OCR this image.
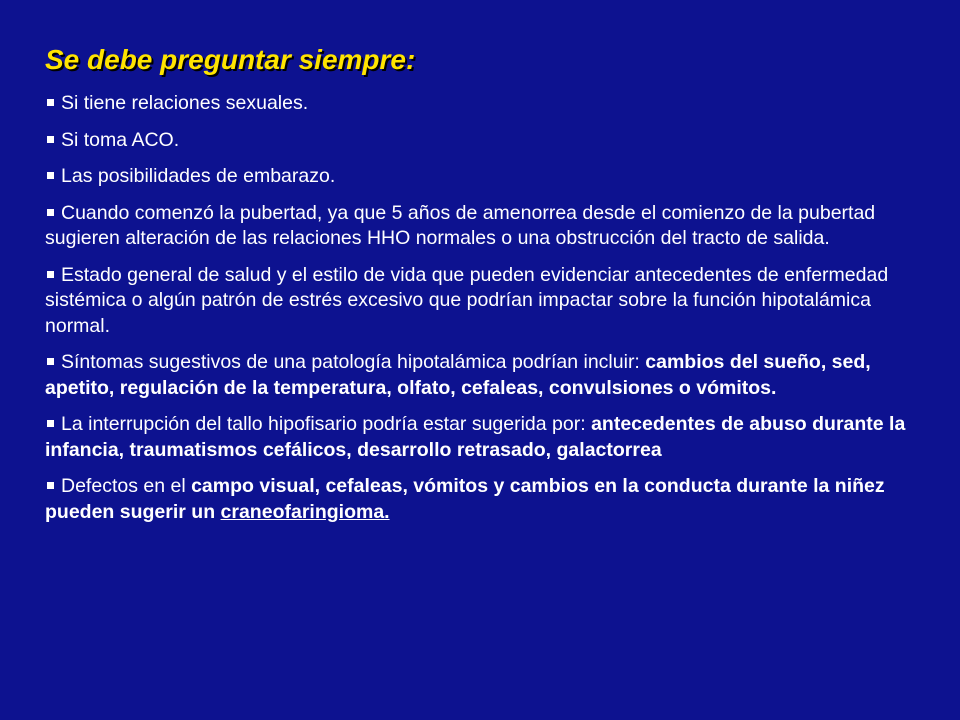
Se debe preguntar siempre:
Si tiene relaciones sexuales.
Si toma ACO.
Las posibilidades de embarazo.
Cuando comenzó la pubertad, ya que 5 años de amenorrea desde el comienzo de la pubertad sugieren alteración de las relaciones HHO normales o una obstrucción del tracto de salida.
Estado general de salud y el estilo de vida que pueden evidenciar antecedentes de enfermedad sistémica o algún patrón de estrés excesivo que podrían impactar sobre la función hipotalámica normal.
Síntomas sugestivos de una patología hipotalámica podrían incluir: cambios del sueño, sed, apetito, regulación de la temperatura, olfato, cefaleas, convulsiones o vómitos.
La interrupción del tallo hipofisario podría estar sugerida por: antecedentes de abuso durante la infancia, traumatismos cefálicos, desarrollo retrasado, galactorrea
Defectos en el campo visual, cefaleas, vómitos y cambios en la conducta durante la niñez pueden sugerir un craneofaringioma.
